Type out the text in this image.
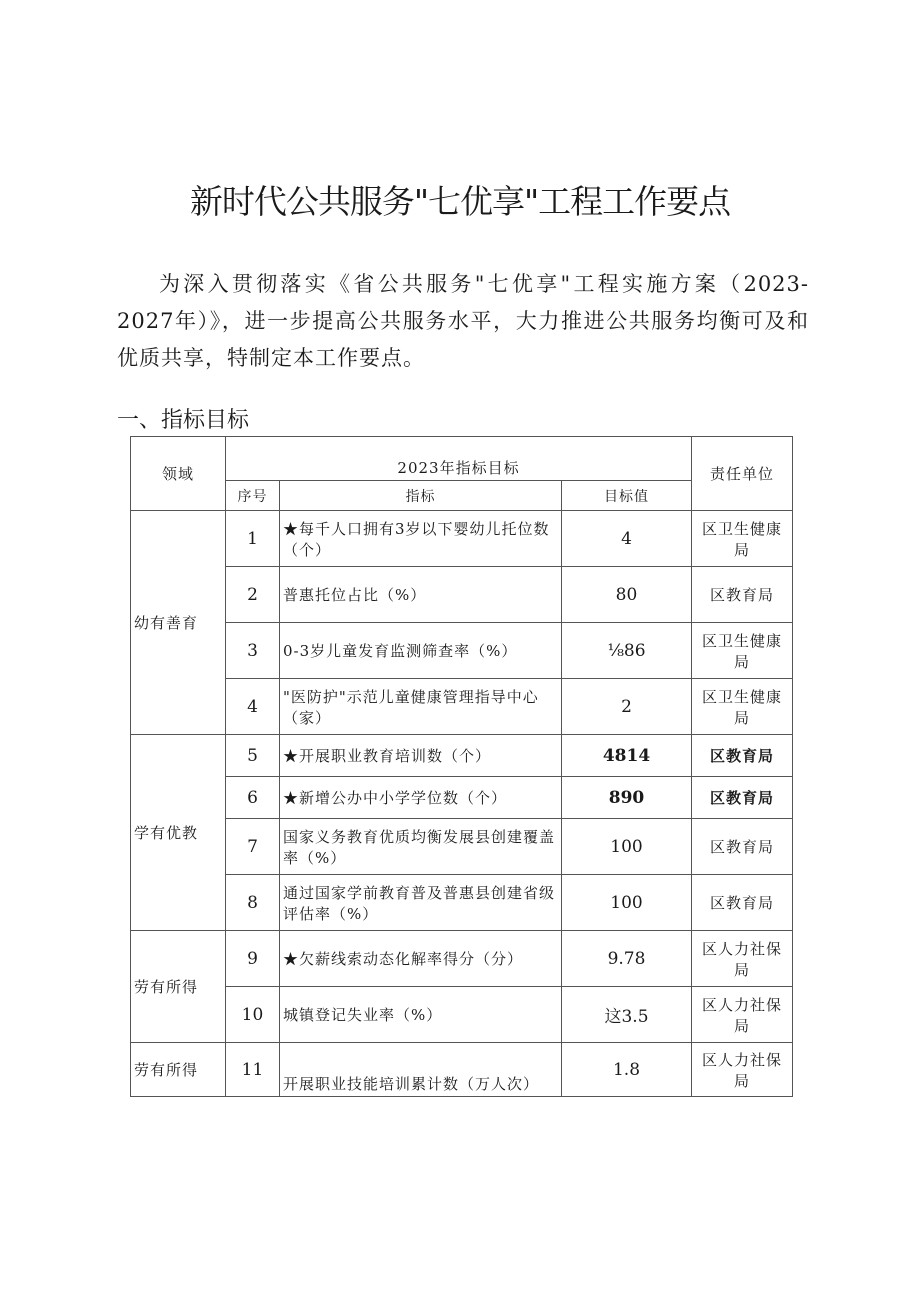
新时代公共服务"七优享"工程工作要点

为深入贯彻落实《省公共服务"七优享"工程实施方案（2023-2027年）》，进一步提高公共服务水平，大力推进公共服务均衡可及和优质共享，特制定本工作要点。

一、指标目标
领域	2023年指标目标			责任单位
	序号	指标	目标值	
幼有善育	1	★每千人口拥有3岁以下婴幼儿托位数（个）	4	区卫生健康局
	2	普惠托位占比（%）	80	区教育局
	3	0-3岁儿童发育监测筛查率（%）	⅛86	区卫生健康局
	4	"医防护"示范儿童健康管理指导中心（家）	2	区卫生健康局
学有优教	5	★开展职业教育培训数（个）	4814	区教育局
	6	★新增公办中小学学位数（个）	890	区教育局
	7	国家义务教育优质均衡发展县创建覆盖率（%）	100	区教育局
	8	通过国家学前教育普及普惠县创建省级评估率（%）	100	区教育局
劳有所得	9	★欠薪线索动态化解率得分（分）	9.78	区人力社保局
	10	城镇登记失业率（%）	这3.5	区人力社保局
劳有所得	11	开展职业技能培训累计数（万人次）	1.8	区人力社保局
